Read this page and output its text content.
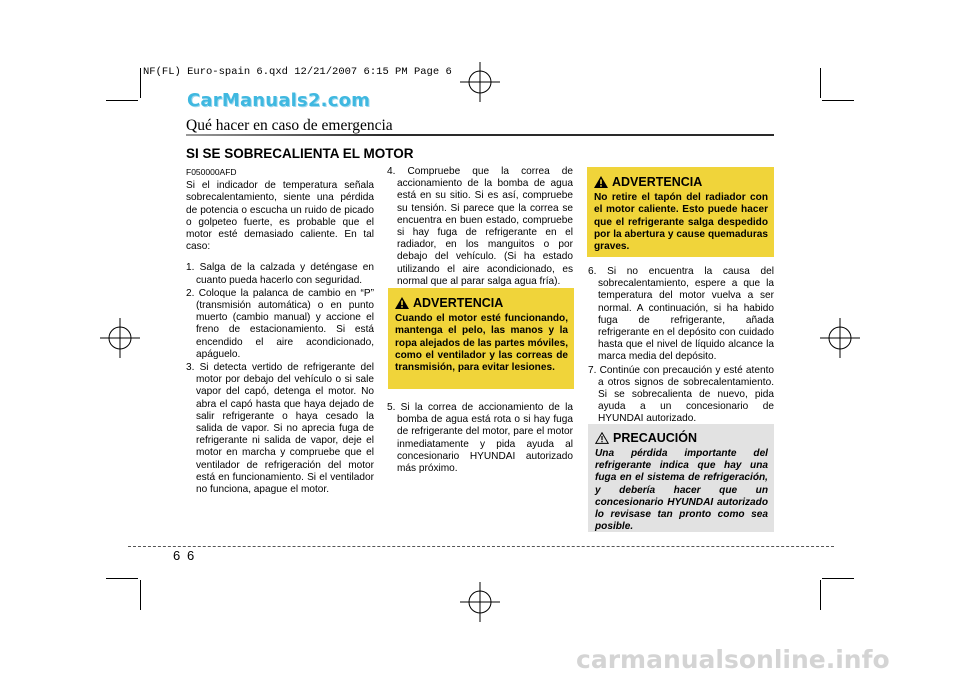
NF(FL) Euro-spain 6.qxd 12/21/2007 6:15 PM Page 6
CarManuals2.com
Qué hacer en caso de emergencia
SI SE SOBRECALIENTA EL MOTOR

F050000AFD

Si el indicador de temperatura señala sobrecalentamiento, siente una pérdida de potencia o escucha un ruido de picado o golpeteo fuerte, es probable que el motor esté demasiado caliente. En tal caso:

1. Salga de la calzada y deténgase en cuanto pueda hacerlo con seguridad.

2. Coloque la palanca de cambio en “P” (transmisión automática) o en punto muerto (cambio manual) y accione el freno de estacionamiento. Si está encendido el aire acondicionado, apáguelo.

3. Si detecta vertido de refrigerante del motor por debajo del vehículo o si sale vapor del capó, detenga el motor. No abra el capó hasta que haya dejado de salir refrigerante o haya cesado la salida de vapor. Si no aprecia fuga de refrigerante ni salida de vapor, deje el motor en marcha y compruebe que el ventilador de refrigeración del motor está en funcionamiento. Si el ventilador no funciona, apague el motor.

4. Compruebe que la correa de accionamiento de la bomba de agua está en su sitio. Si es así, compruebe su tensión. Si parece que la correa se encuentra en buen estado, compruebe si hay fuga de refrigerante en el radiador, en los manguitos o por debajo del vehículo. (Si ha estado utilizando el aire acondicionado, es normal que al parar salga agua fría).

ADVERTENCIA
Cuando el motor esté funcionando, mantenga el pelo, las manos y la ropa alejados de las partes móviles, como el ventilador y las correas de transmisión, para evitar lesiones.

5. Si la correa de accionamiento de la bomba de agua está rota o si hay fuga de refrigerante del motor, pare el motor inmediatamente y pida ayuda al concesionario HYUNDAI autorizado más próximo.

ADVERTENCIA
No retire el tapón del radiador con el motor caliente. Esto puede hacer que el refrigerante salga despedido por la abertura y cause quemaduras graves.

6. Si no encuentra la causa del sobrecalentamiento, espere a que la temperatura del motor vuelva a ser normal. A continuación, si ha habido fuga de refrigerante, añada refrigerante en el depósito con cuidado hasta que el nivel de líquido alcance la marca media del depósito.

7. Continúe con precaución y esté atento a otros signos de sobrecalentamiento. Si se sobrecalienta de nuevo, pida ayuda a un concesionario de HYUNDAI autorizado.

PRECAUCIÓN
Una pérdida importante del refrigerante indica que hay una fuga en el sistema de refrigeración, y debería hacer que un concesionario HYUNDAI autorizado lo revisase tan pronto como sea posible.
6 6
carmanualsonline.info
